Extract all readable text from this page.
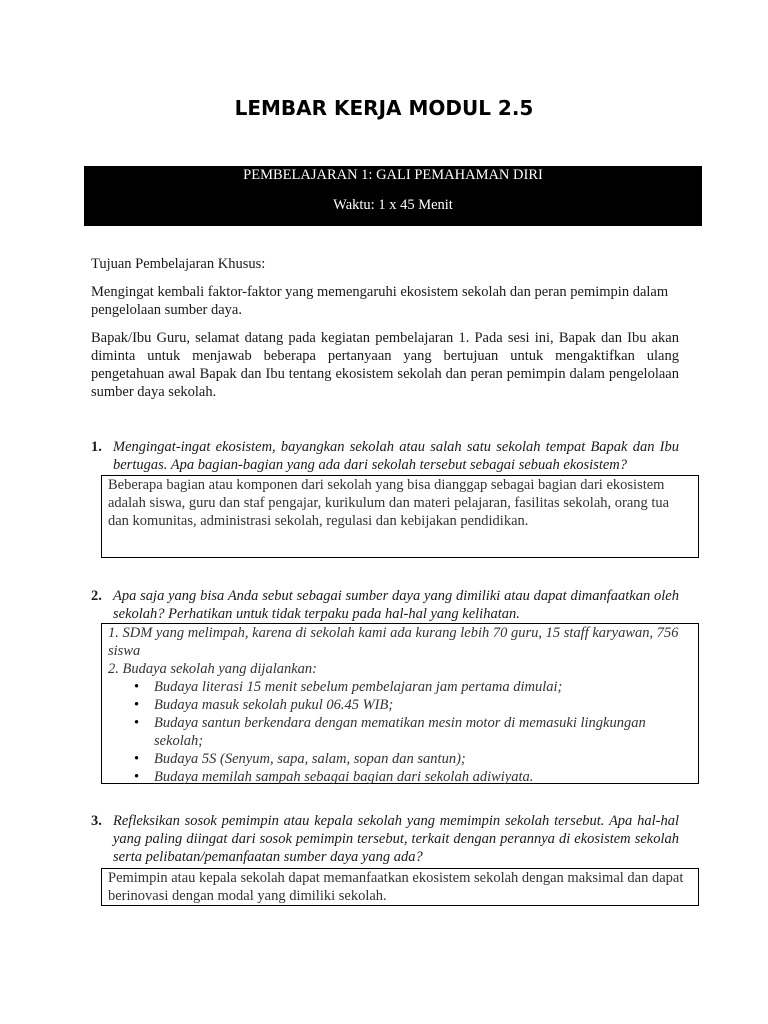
LEMBAR KERJA MODUL 2.5
PEMBELAJARAN 1: GALI PEMAHAMAN DIRI
Waktu: 1 x 45 Menit
Tujuan Pembelajaran Khusus:
Mengingat kembali faktor-faktor yang memengaruhi ekosistem sekolah dan peran pemimpin dalam pengelolaan sumber daya.
Bapak/Ibu Guru, selamat datang pada kegiatan pembelajaran 1. Pada sesi ini, Bapak dan Ibu akan diminta untuk menjawab beberapa pertanyaan yang bertujuan untuk mengaktifkan ulang pengetahuan awal Bapak dan Ibu tentang ekosistem sekolah dan peran pemimpin dalam pengelolaan sumber daya sekolah.
1. Mengingat-ingat ekosistem, bayangkan sekolah atau salah satu sekolah tempat Bapak dan Ibu bertugas. Apa bagian-bagian yang ada dari sekolah tersebut sebagai sebuah ekosistem?
Beberapa bagian atau komponen dari sekolah yang bisa dianggap sebagai bagian dari ekosistem adalah siswa, guru dan staf pengajar, kurikulum dan materi pelajaran, fasilitas sekolah, orang tua dan komunitas, administrasi sekolah, regulasi dan kebijakan pendidikan.
2. Apa saja yang bisa Anda sebut sebagai sumber daya yang dimiliki atau dapat dimanfaatkan oleh sekolah? Perhatikan untuk tidak terpaku pada hal-hal yang kelihatan.
1. SDM yang melimpah, karena di sekolah kami ada kurang lebih 70 guru, 15 staff karyawan, 756 siswa
2. Budaya sekolah yang dijalankan:
• Budaya literasi 15 menit sebelum pembelajaran jam pertama dimulai;
• Budaya masuk sekolah pukul 06.45 WIB;
• Budaya santun berkendara dengan mematikan mesin motor di memasuki lingkungan sekolah;
• Budaya 5S (Senyum, sapa, salam, sopan dan santun);
• Budaya memilah sampah sebagai bagian dari sekolah adiwiyata.
3. Refleksikan sosok pemimpin atau kepala sekolah yang memimpin sekolah tersebut. Apa hal-hal yang paling diingat dari sosok pemimpin tersebut, terkait dengan perannya di ekosistem sekolah serta pelibatan/pemanfaatan sumber daya yang ada?
Pemimpin atau kepala sekolah dapat memanfaatkan ekosistem sekolah dengan maksimal dan dapat berinovasi dengan modal yang dimiliki sekolah.
